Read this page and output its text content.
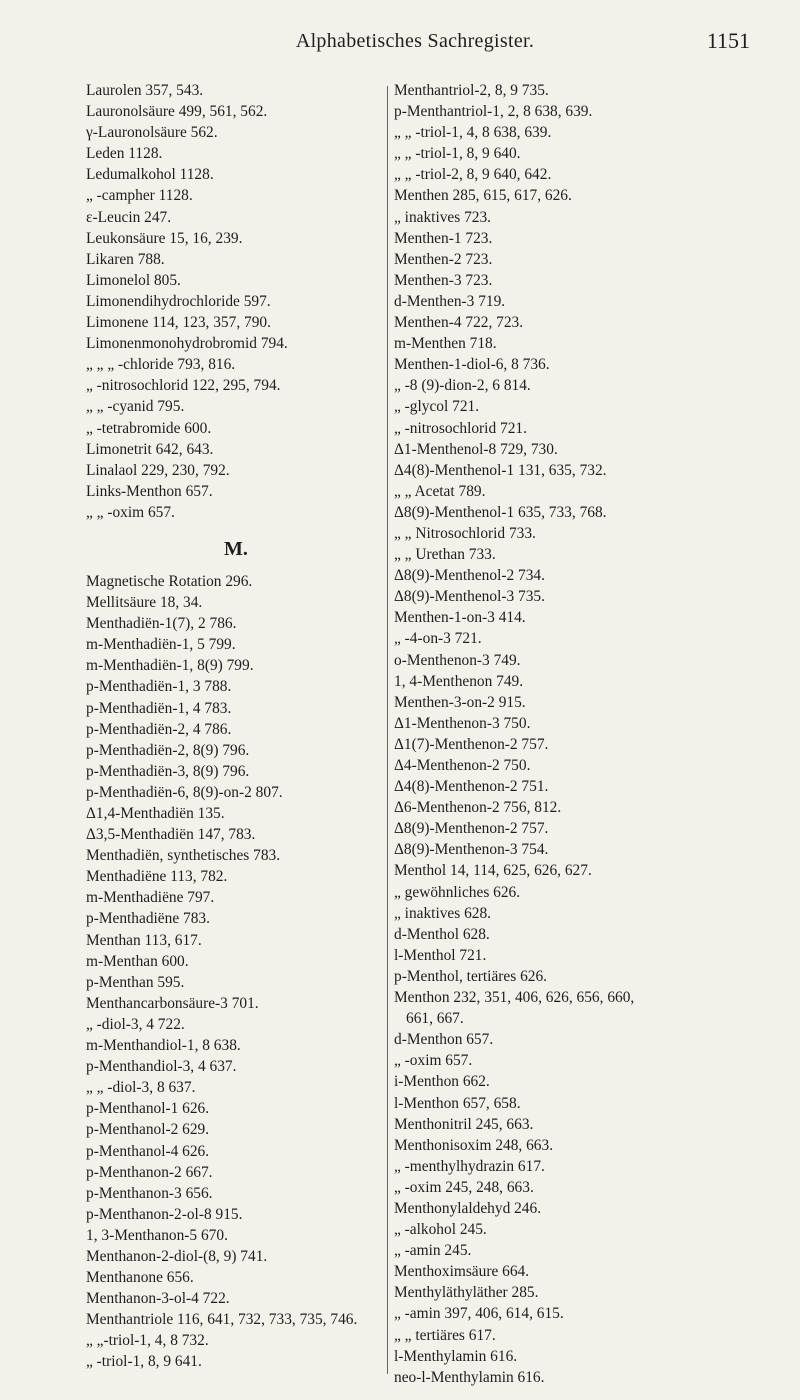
Alphabetisches Sachregister.	1151
Laurolen 357, 543.
Lauronolsäure 499, 561, 562.
γ-Lauronolsäure 562.
Leden 1128.
Ledumalkohol 1128.
„ -campher 1128.
ε-Leucin 247.
Leukonsäure 15, 16, 239.
Likaren 788.
Limonelol 805.
Limonendihydrochloride 597.
Limonene 114, 123, 357, 790.
Limonenmonohydrobromid 794.
„ „ „ -chloride 793, 816.
„ -nitrosochlorid 122, 295, 794.
„ „ -cyanid 795.
„ -tetrabromide 600.
Limonetrit 642, 643.
Linalaol 229, 230, 792.
Links-Menthon 657.
„ „ -oxim 657.
M.
Magnetische Rotation 296.
Mellitsäure 18, 34.
Menthadiën-1(7), 2 786.
m-Menthadiën-1, 5 799.
m-Menthadiën-1, 8(9) 799.
p-Menthadiën-1, 3 788.
p-Menthadiën-1, 4 783.
p-Menthadiën-2, 4 786.
p-Menthadiën-2, 8(9) 796.
p-Menthadiën-3, 8(9) 796.
p-Menthadiën-6, 8(9)-on-2 807.
Δ1,4-Menthadiën 135.
Δ3,5-Menthadiën 147, 783.
Menthadiën, synthetisches 783.
Menthadiëne 113, 782.
m-Menthadiëne 797.
p-Menthadiëne 783.
Menthan 113, 617.
m-Menthan 600.
p-Menthan 595.
Menthancarbonsäure-3 701.
„ -diol-3, 4 722.
m-Menthandiol-1, 8 638.
p-Menthandiol-3, 4 637.
„ „ -diol-3, 8 637.
p-Menthanol-1 626.
p-Menthanol-2 629.
p-Menthanol-4 626.
p-Menthanon-2 667.
p-Menthanon-3 656.
p-Menthanon-2-ol-8 915.
1, 3-Menthanon-5 670.
Menthanon-2-diol-(8, 9) 741.
Menthanone 656.
Menthanon-3-ol-4 722.
Menthantriole 116, 641, 732, 733, 735, 746.
„ „-triol-1, 4, 8 732.
„ -triol-1, 8, 9 641.
Menthantriol-2, 8, 9 735.
p-Menthantriol-1, 2, 8 638, 639.
„ „ -triol-1, 4, 8 638, 639.
„ „ -triol-1, 8, 9 640.
„ „ -triol-2, 8, 9 640, 642.
Menthen 285, 615, 617, 626.
„ inaktives 723.
Menthen-1 723.
Menthen-2 723.
Menthen-3 723.
d-Menthen-3 719.
Menthen-4 722, 723.
m-Menthen 718.
Menthen-1-diol-6, 8 736.
„ -8 (9)-dion-2, 6 814.
„ -glycol 721.
„ -nitrosochlorid 721.
Δ1-Menthenol-8 729, 730.
Δ4(8)-Menthenol-1 131, 635, 732.
„ „ Acetat 789.
Δ8(9)-Menthenol-1 635, 733, 768.
„ „ Nitrosochlorid 733.
„ „ Urethan 733.
Δ8(9)-Menthenol-2 734.
Δ8(9)-Menthenol-3 735.
Menthen-1-on-3 414.
„ -4-on-3 721.
o-Menthenon-3 749.
1, 4-Menthenon 749.
Menthen-3-on-2 915.
Δ1-Menthenon-3 750.
Δ1(7)-Menthenon-2 757.
Δ4-Menthenon-2 750.
Δ4(8)-Menthenon-2 751.
Δ6-Menthenon-2 756, 812.
Δ8(9)-Menthenon-2 757.
Δ8(9)-Menthenon-3 754.
Menthol 14, 114, 625, 626, 627.
„ gewöhnliches 626.
„ inaktives 628.
d-Menthol 628.
l-Menthol 721.
p-Menthol, tertiäres 626.
Menthon 232, 351, 406, 626, 656, 660,
661, 667.
d-Menthon 657.
„ -oxim 657.
i-Menthon 662.
l-Menthon 657, 658.
Menthonitril 245, 663.
Menthonisoxim 248, 663.
„ -menthylhydrazin 617.
„ -oxim 245, 248, 663.
Menthonylaldehyd 246.
„ -alkohol 245.
„ -amin 245.
Menthoximsäure 664.
Menthyläthyläther 285.
„ -amin 397, 406, 614, 615.
„ „ tertiäres 617.
l-Menthylamin 616.
neo-l-Menthylamin 616.
